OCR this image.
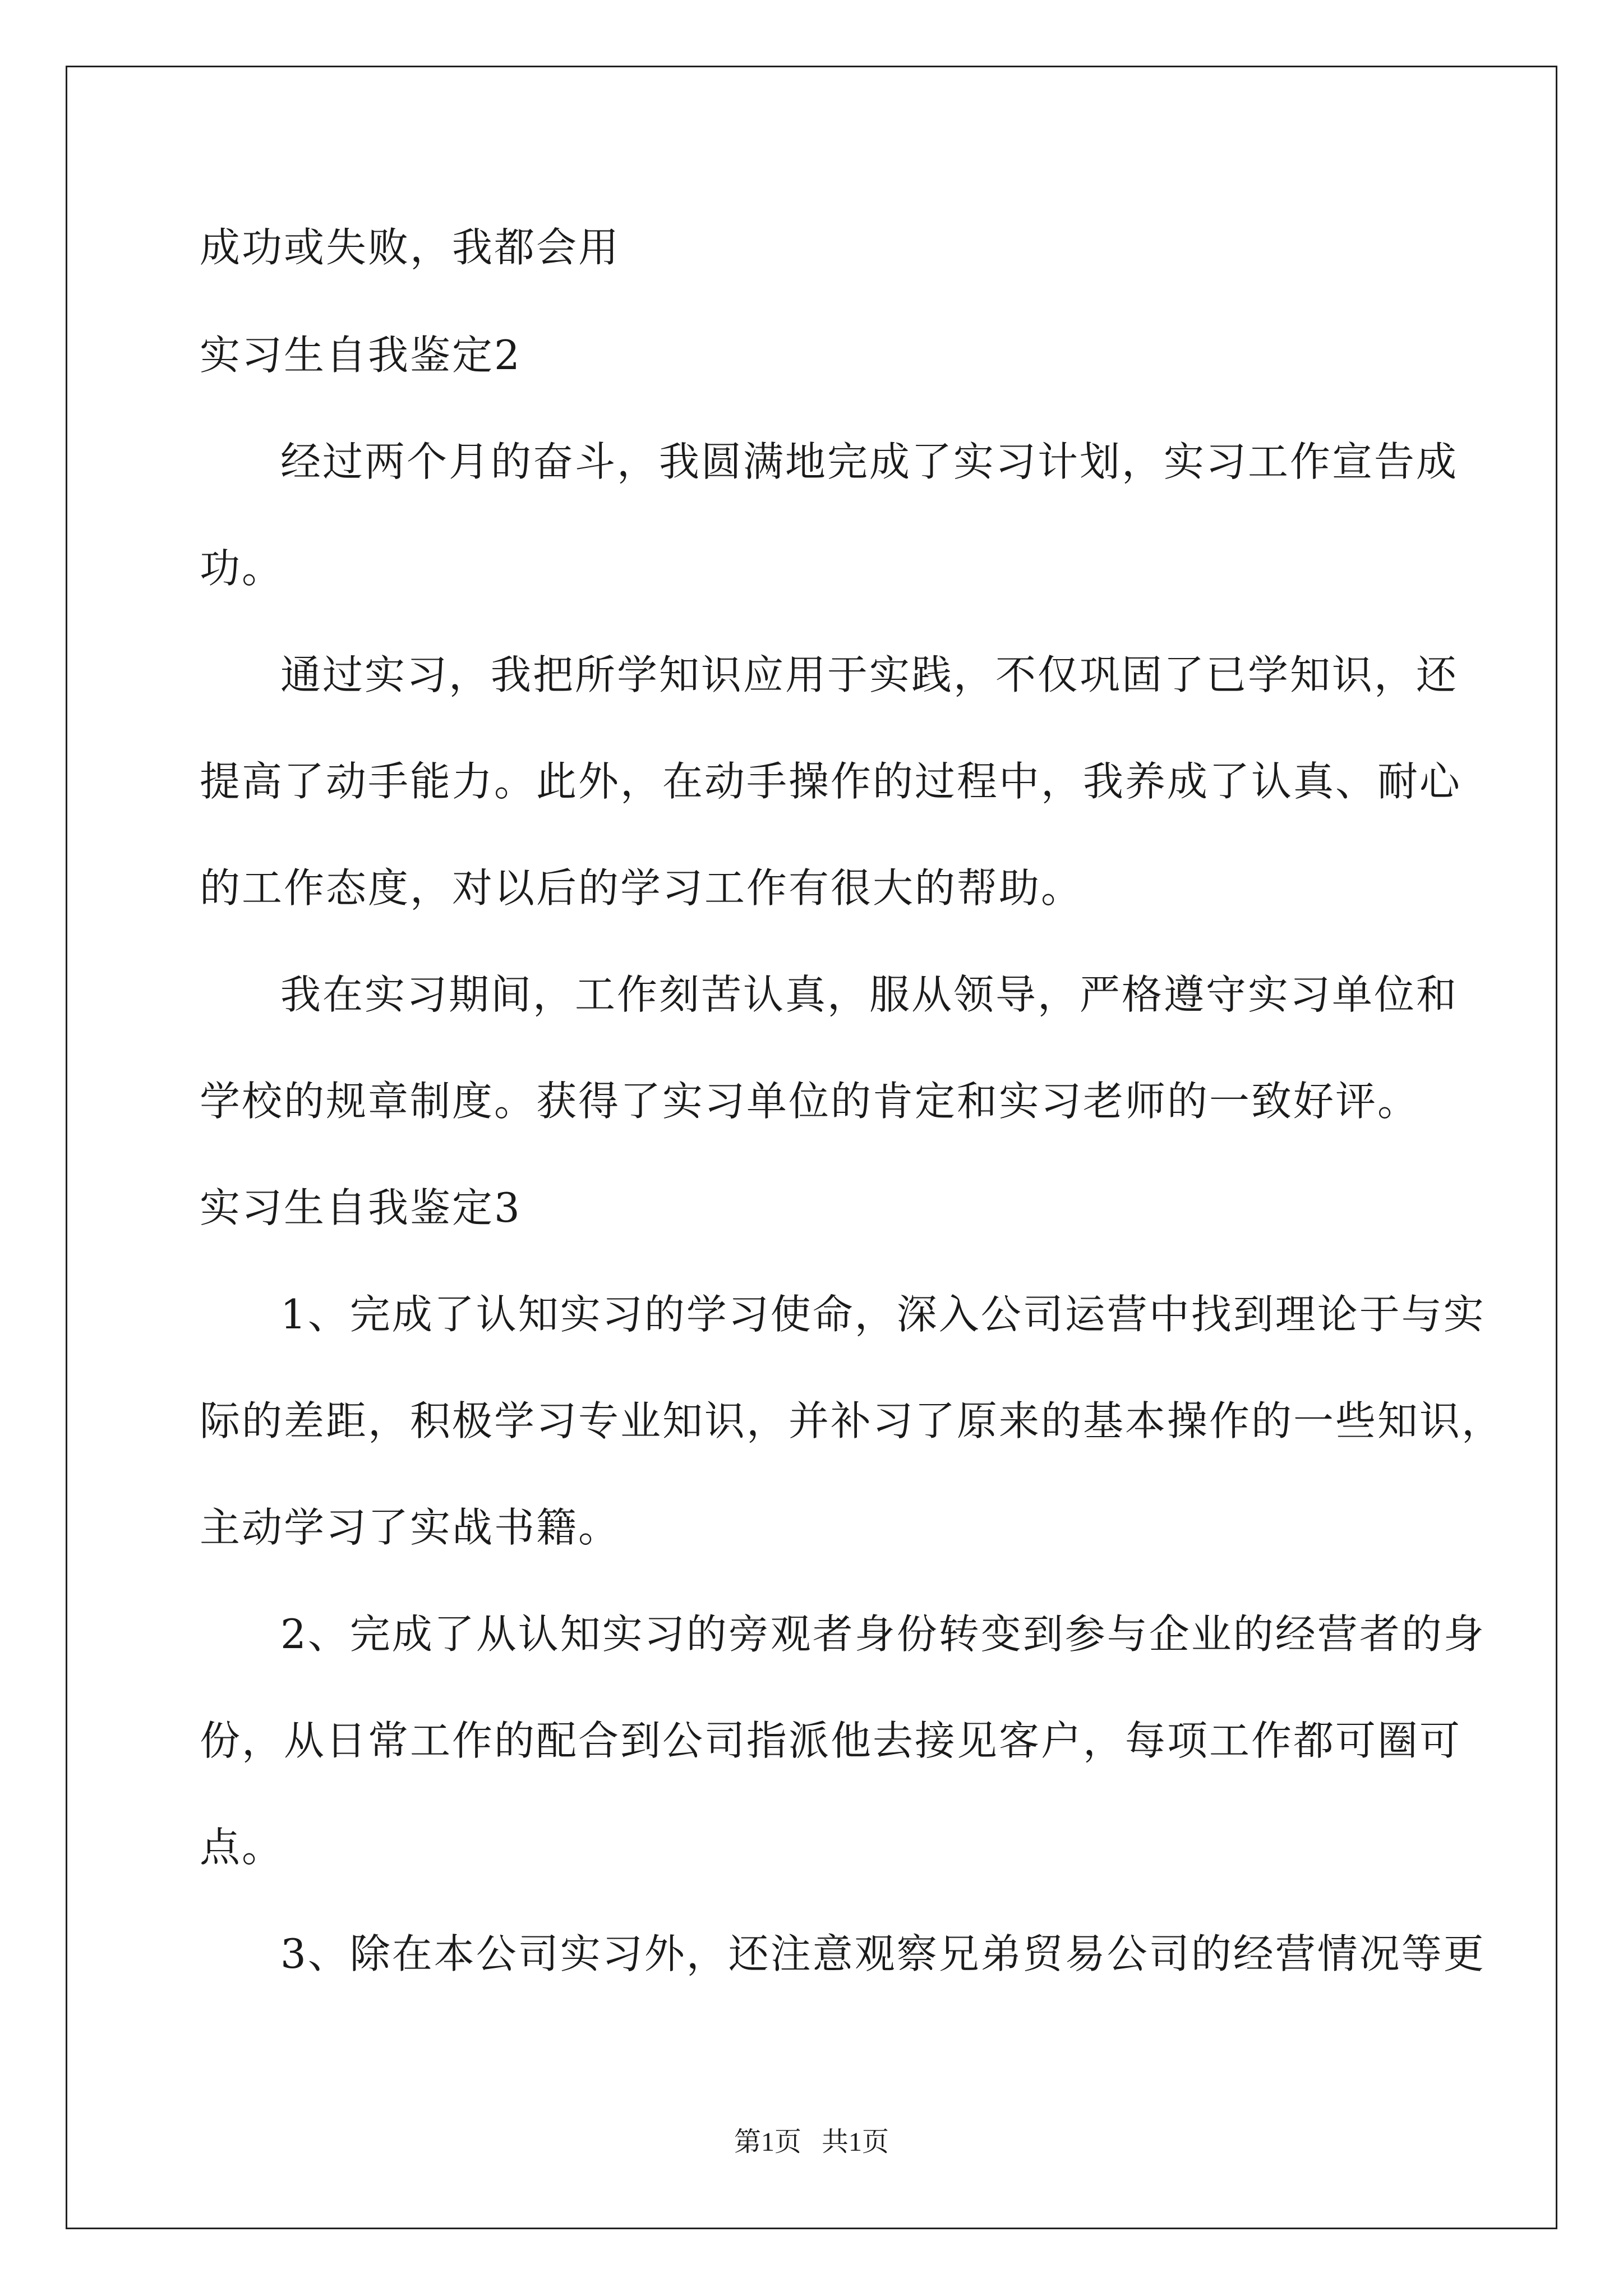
成功或失败，我都会用
实习生自我鉴定2
经过两个月的奋斗，我圆满地完成了实习计划，实习工作宣告成
功。
通过实习，我把所学知识应用于实践，不仅巩固了已学知识，还
提高了动手能力。此外，在动手操作的过程中，我养成了认真、耐心
的工作态度，对以后的学习工作有很大的帮助。
我在实习期间，工作刻苦认真，服从领导，严格遵守实习单位和
学校的规章制度。获得了实习单位的肯定和实习老师的一致好评。
实习生自我鉴定3
1、完成了认知实习的学习使命，深入公司运营中找到理论于与实
际的差距，积极学习专业知识，并补习了原来的基本操作的一些知识，
主动学习了实战书籍。
2、完成了从认知实习的旁观者身份转变到参与企业的经营者的身
份，从日常工作的配合到公司指派他去接见客户，每项工作都可圈可
点。
3、除在本公司实习外，还注意观察兄弟贸易公司的经营情况等更
第1页   共1页
